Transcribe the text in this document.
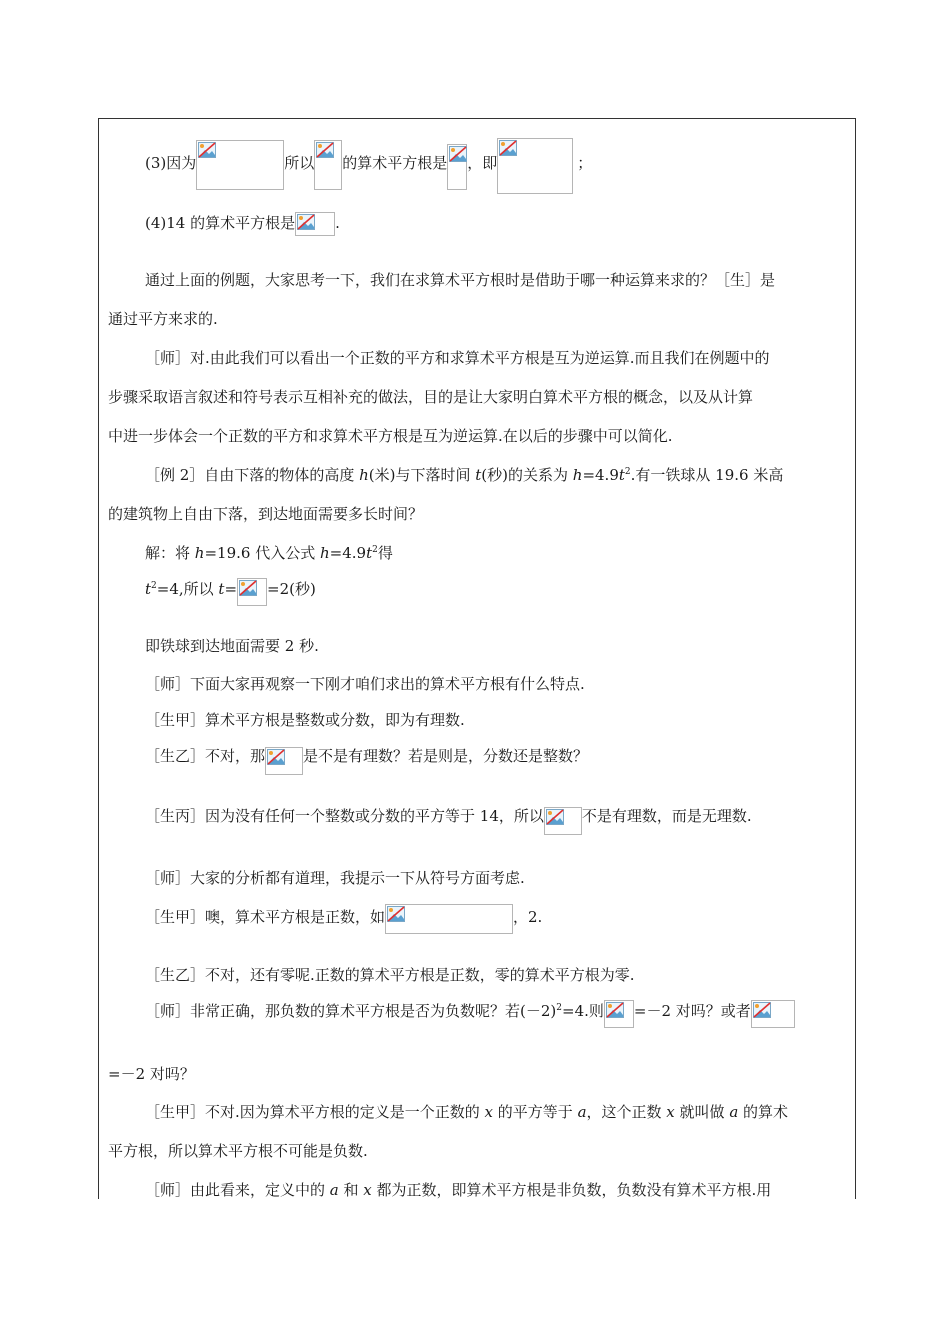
(3)因为	所以 的算术平方根是 ，即	；
(4)14 的算术平方根是	.
通过上面的例题，大家思考一下，我们在求算术平方根时是借助于哪一种运算来求的？［生］是
通过平方来求的.
［师］对.由此我们可以看出一个正数的平方和求算术平方根是互为逆运算.而且我们在例题中的
步骤采取语言叙述和符号表示互相补充的做法，目的是让大家明白算术平方根的概念，以及从计算
中进一步体会一个正数的平方和求算术平方根是互为逆运算.在以后的步骤中可以简化.
［例 2］自由下落的物体的高度 h(米)与下落时间 t(秒)的关系为 $h=4.9t^2$.有一铁球从 19.6 米高
的建筑物上自由下落，到达地面需要多长时间？
解：将 h=19.6 代入公式 $h=4.9t^2$得
$t^2=4$,所以 t= =2(秒)
即铁球到达地面需要 2 秒.
［师］下面大家再观察一下刚才咱们求出的算术平方根有什么特点.
［生甲］算术平方根是整数或分数，即为有理数.
［生乙］不对，那	是不是有理数？若是则是，分数还是整数？
［生丙］因为没有任何一个整数或分数的平方等于 14，所以	不是有理数，而是无理数.
［师］大家的分析都有道理，我提示一下从符号方面考虑.
［生甲］噢，算术平方根是正数，如	，2.
［生乙］不对，还有零呢.正数的算术平方根是正数，零的算术平方根为零.
［师］非常正确，那负数的算术平方根是否为负数呢？若$(-2)^2=4$.则 =－2 对吗？或者
=－2 对吗？
［生甲］不对.因为算术平方根的定义是一个正数的 x 的平方等于 a，这个正数 x 就叫做 a 的算术
平方根，所以算术平方根不可能是负数.
［师］由此看来，定义中的 a 和 x 都为正数，即算术平方根是非负数，负数没有算术平方根.用
